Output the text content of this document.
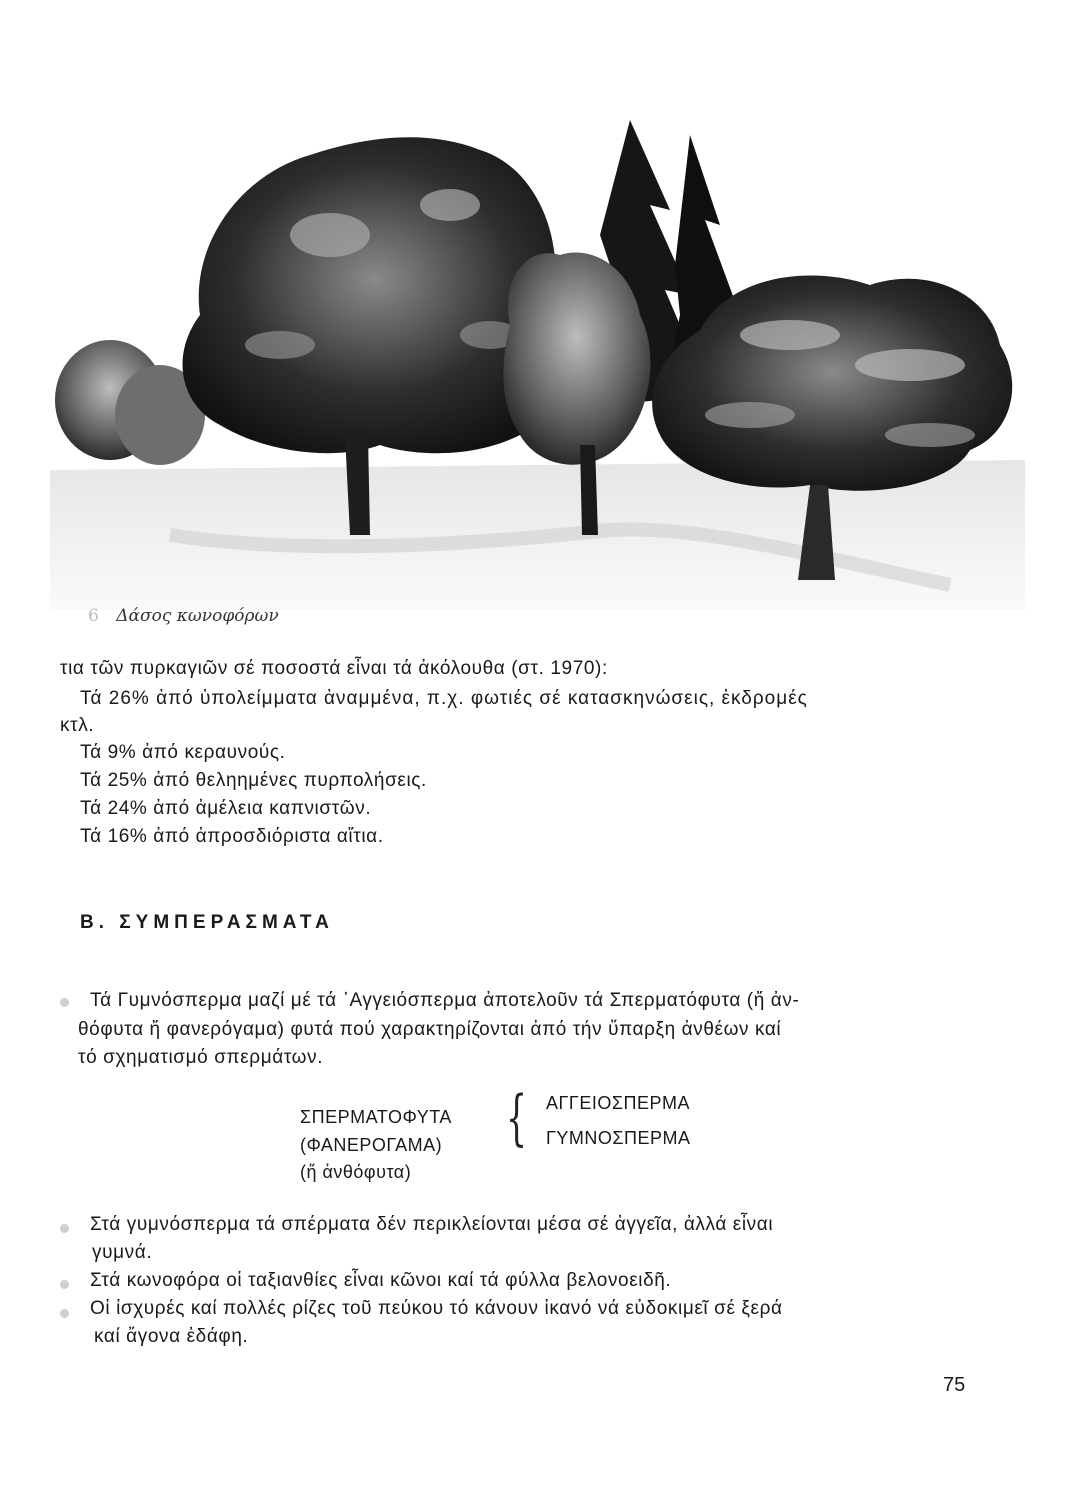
6 Δάσος κωνοφόρων
τια τῶν πυρκαγιῶν σέ ποσοστά εἶναι τά ἀκόλουθα (στ. 1970):
Τά 26% ἀπό ὑπολείμματα ἀναμμένα, π.χ. φωτιές σέ κατασκηνώσεις, ἐκδρομές
κτλ.
Τά 9% ἀπό κεραυνούς.
Τά 25% ἀπό θεληημένες πυρπολήσεις.
Τά 24% ἀπό ἀμέλεια καπνιστῶν.
Τά 16% ἀπό ἀπροσδιόριστα αἴτια.
Β. ΣΥΜΠΕΡΑΣΜΑΤΑ
Τά Γυμνόσπερμα μαζί μέ τά ᾿Αγγειόσπερμα ἀποτελοῦν τά Σπερματόφυτα (ἤ ἀν-
θόφυτα ἤ φανερόγαμα) φυτά πού χαρακτηρίζονται ἀπό τήν ὕπαρξη ἀνθέων καί
τό σχηματισμό σπερμάτων.
ΣΠΕΡΜΑΤΟΦΥΤΑ
(ΦΑΝΕΡΟΓΑΜΑ)
(ἤ ἀνθόφυτα)
{ ΑΓΓΕΙΟΣΠΕΡΜΑ
ΓΥΜΝΟΣΠΕΡΜΑ
Στά γυμνόσπερμα τά σπέρματα δέν περικλείονται μέσα σέ ἀγγεῖα, ἀλλά εἶναι
γυμνά.
Στά κωνοφόρα οἱ ταξιανθίες εἶναι κῶνοι καί τά φύλλα βελονοειδῆ.
Οἱ ἰσχυρές καί πολλές ρίζες τοῦ πεύκου τό κάνουν ἱκανό νά εὐδοκιμεῖ σέ ξερά
καί ἄγονα ἐδάφη.
75
